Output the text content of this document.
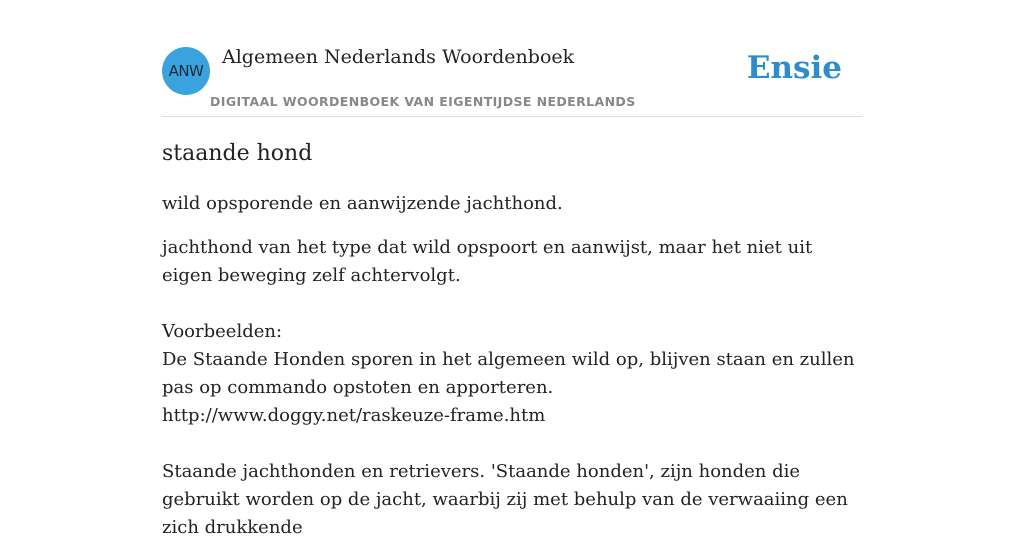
ANW
Algemeen Nederlands Woordenboek
DIGITAAL WOORDENBOEK VAN EIGENTIJDSE NEDERLANDS
Ensie
staande hond

wild opsporende en aanwijzende jachthond.

jachthond van het type dat wild opspoort en aanwijst, maar het niet uit eigen beweging zelf achtervolgt.

Voorbeelden:

De Staande Honden sporen in het algemeen wild op, blijven staan en zullen pas op commando opstoten en apporteren.

http://www.doggy.net/raskeuze-frame.htm

Staande jachthonden en retrievers. 'Staande honden', zijn honden die gebruikt worden op de jacht, waarbij zij met behulp van de verwaaiing een zich drukkende
